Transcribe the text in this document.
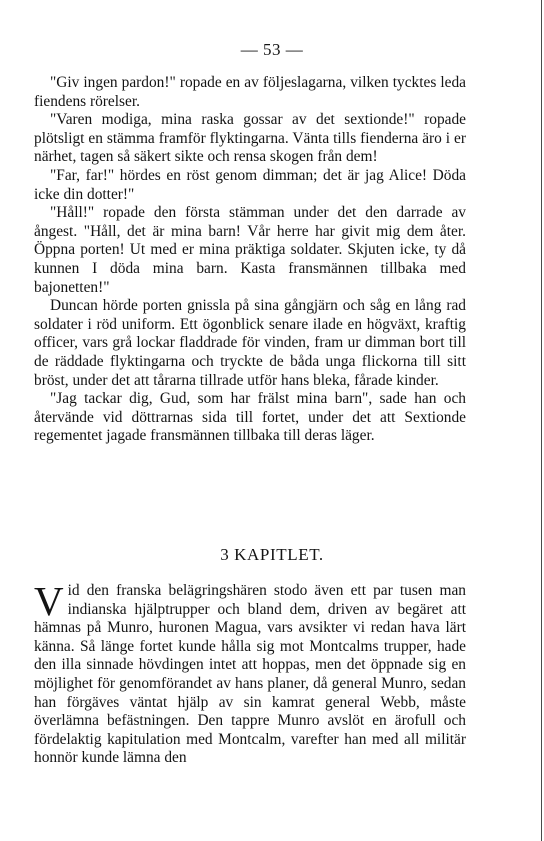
— 53 —

"Giv ingen pardon!" ropade en av följeslagarna, vilken tycktes leda fiendens rörelser.

"Varen modiga, mina raska gossar av det sextionde!" ropade plötsligt en stämma framför flyktingarna. Vänta tills fienderna äro i er närhet, tagen så säkert sikte och rensa skogen från dem!

"Far, far!" hördes en röst genom dimman; det är jag Alice! Döda icke din dotter!"

"Håll!" ropade den första stämman under det den darrade av ångest. "Håll, det är mina barn! Vår herre har givit mig dem åter. Öppna porten! Ut med er mina präktiga soldater. Skjuten icke, ty då kunnen I döda mina barn. Kasta fransmännen tillbaka med bajonetten!"

Duncan hörde porten gnissla på sina gångjärn och såg en lång rad soldater i röd uniform. Ett ögonblick senare ilade en högväxt, kraftig officer, vars grå lockar fladdrade för vinden, fram ur dimman bort till de räddade flyktingarna och tryckte de båda unga flickorna till sitt bröst, under det att tårarna tillrade utför hans bleka, fårade kinder.

"Jag tackar dig, Gud, som har frälst mina barn", sade han och återvände vid döttrarnas sida till fortet, under det att Sextionde regementet jagade fransmännen tillbaka till deras läger.

3 KAPITLET.

Vid den franska belägringshären stodo även ett par tusen man indianska hjälptrupper och bland dem, driven av begäret att hämnas på Munro, huronen Magua, vars avsikter vi redan hava lärt känna. Så länge fortet kunde hålla sig mot Montcalms trupper, hade den illa sinnade hövdingen intet att hoppas, men det öppnade sig en möjlighet för genomförandet av hans planer, då general Munro, sedan han förgäves väntat hjälp av sin kamrat general Webb, måste överlämna befästningen. Den tappre Munro avslöt en ärofull och fördelaktig kapitulation med Montcalm, varefter han med all militär honnör kunde lämna den
